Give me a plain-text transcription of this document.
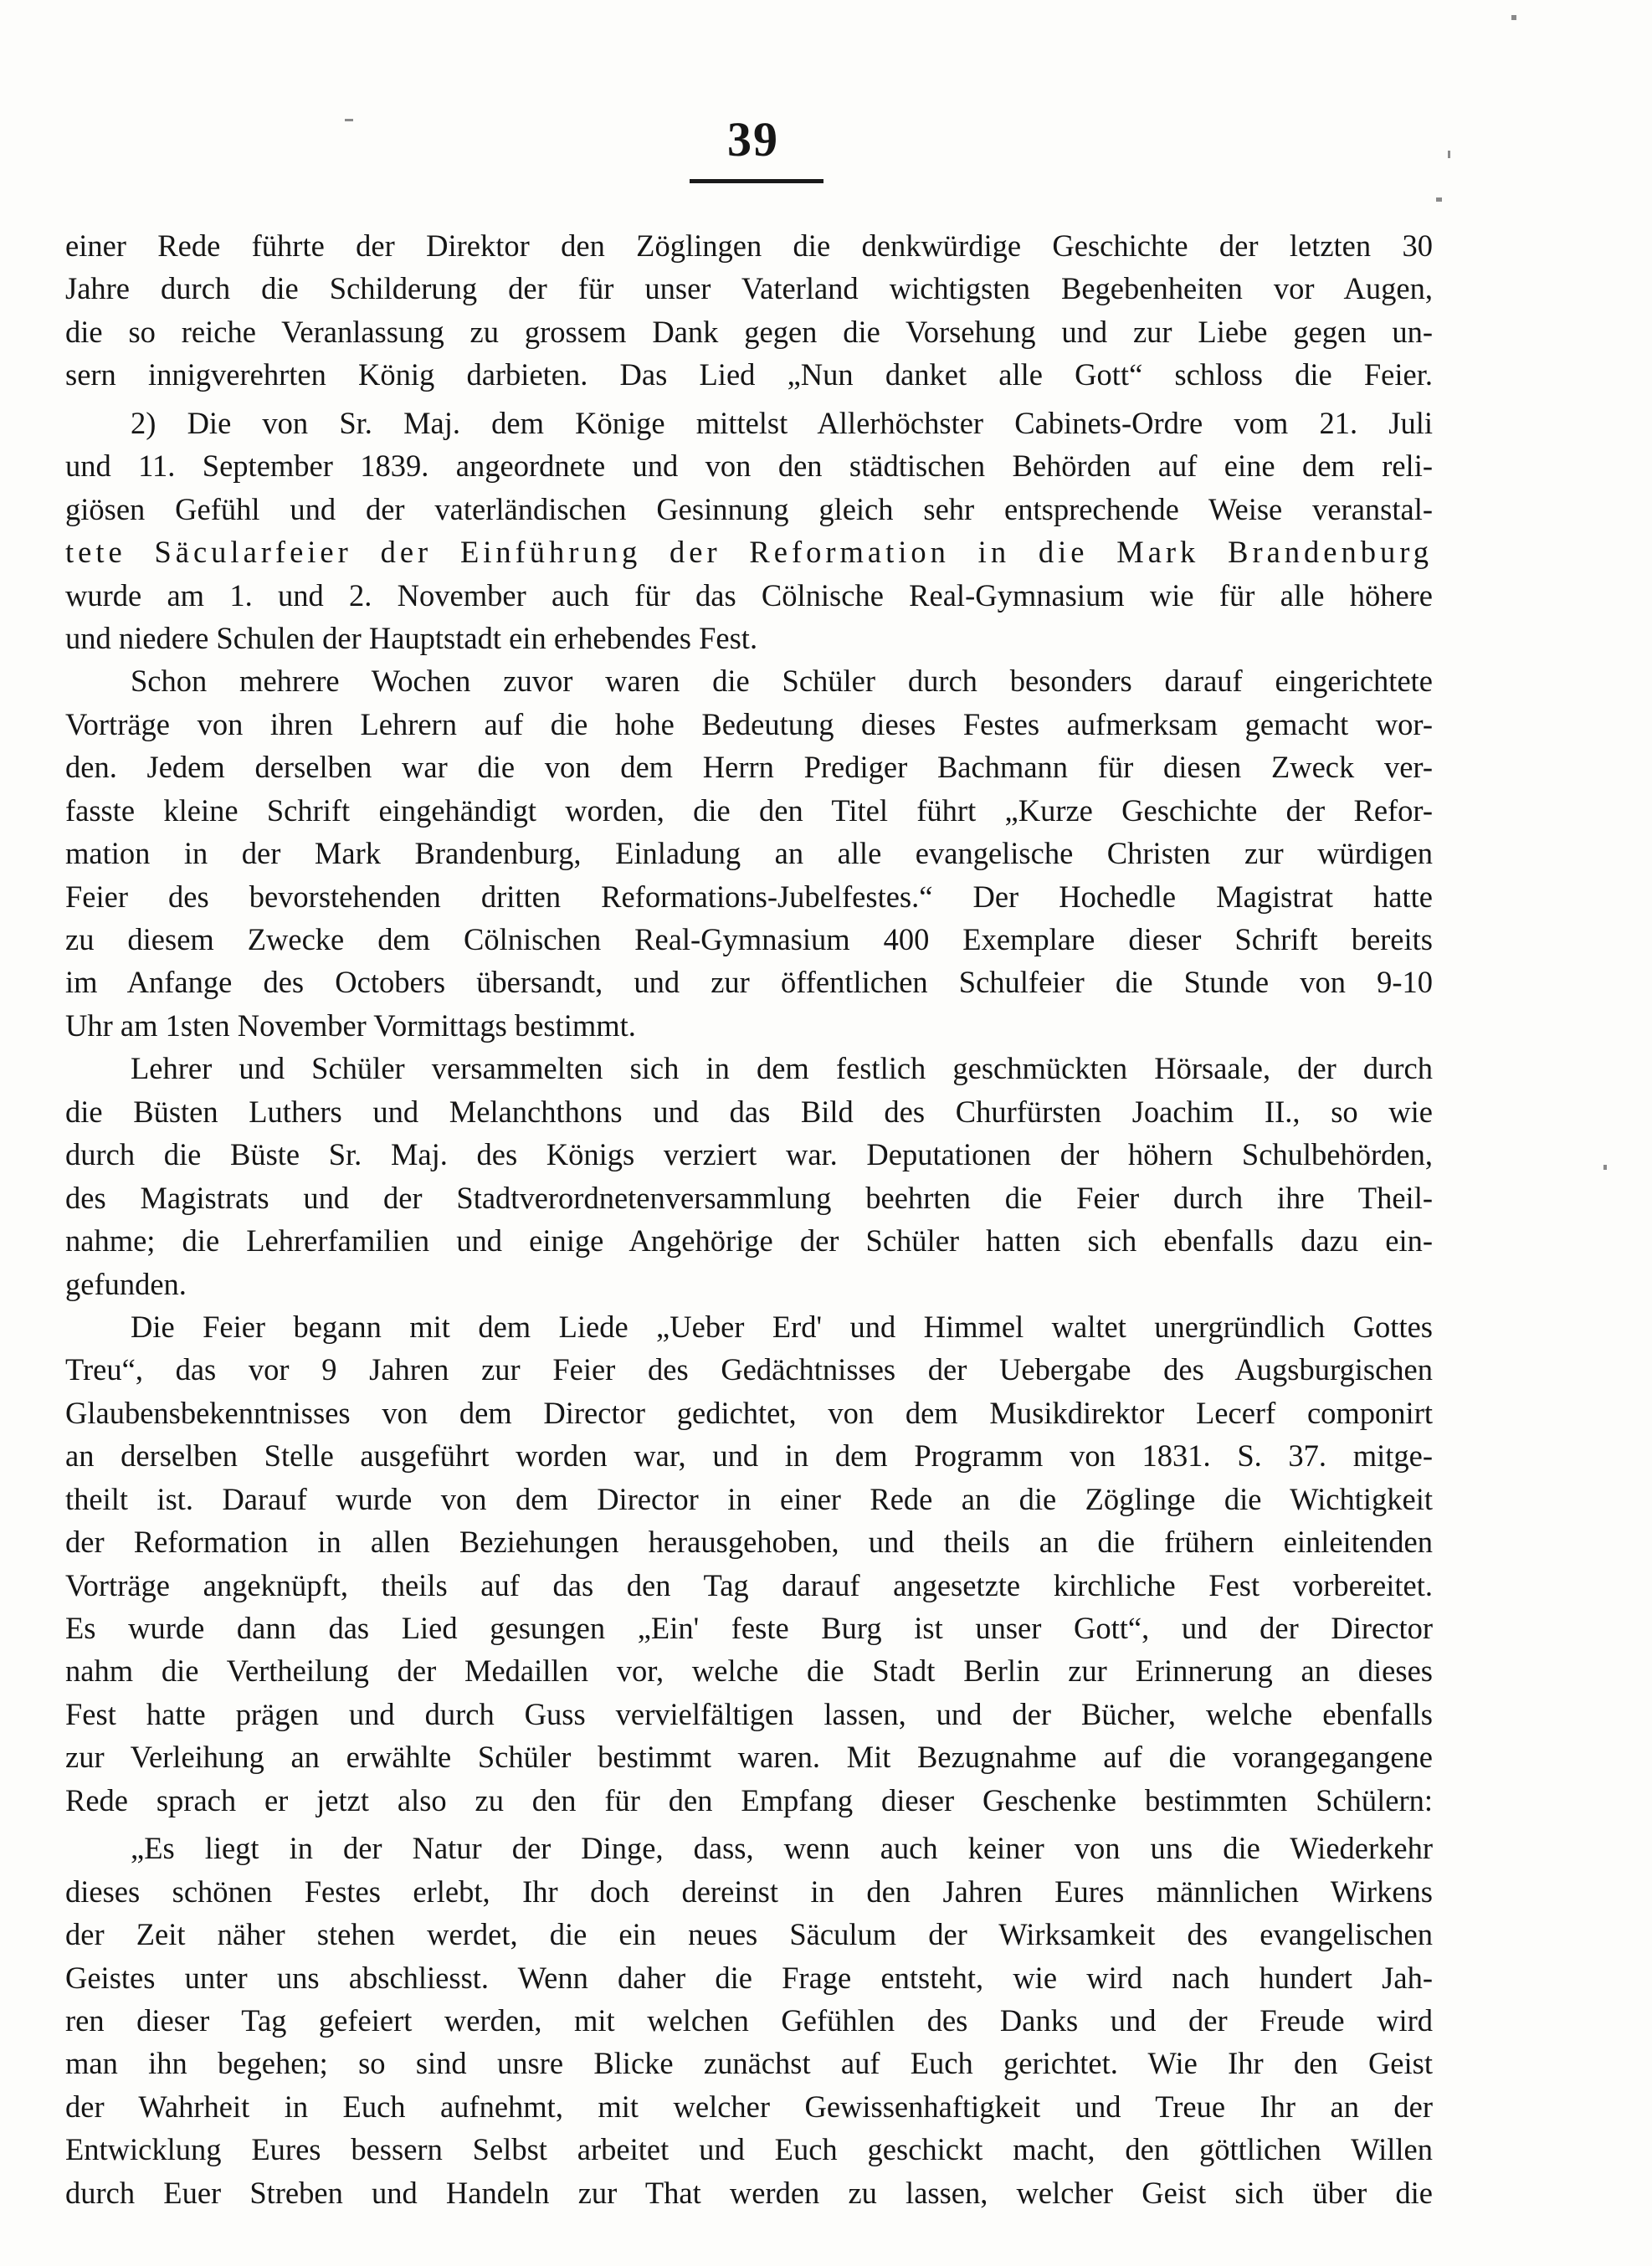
39
einer Rede führte der Direktor den Zöglingen die denkwürdige Geschichte der letzten 30
Jahre durch die Schilderung der für unser Vaterland wichtigsten Begebenheiten vor Augen,
die so reiche Veranlassung zu grossem Dank gegen die Vorsehung und zur Liebe gegen un-
sern innigverehrten König darbieten. Das Lied „Nun danket alle Gott“ schloss die Feier.
2) Die von Sr. Maj. dem Könige mittelst Allerhöchster Cabinets-Ordre vom 21. Juli
und 11. September 1839. angeordnete und von den städtischen Behörden auf eine dem reli-
giösen Gefühl und der vaterländischen Gesinnung gleich sehr entsprechende Weise veranstal-
tete Säcularfeier der Einführung der Reformation in die Mark Brandenburg
wurde am 1. und 2. November auch für das Cölnische Real-Gymnasium wie für alle höhere
und niedere Schulen der Hauptstadt ein erhebendes Fest.
Schon mehrere Wochen zuvor waren die Schüler durch besonders darauf eingerichtete
Vorträge von ihren Lehrern auf die hohe Bedeutung dieses Festes aufmerksam gemacht wor-
den. Jedem derselben war die von dem Herrn Prediger Bachmann für diesen Zweck ver-
fasste kleine Schrift eingehändigt worden, die den Titel führt „Kurze Geschichte der Refor-
mation in der Mark Brandenburg, Einladung an alle evangelische Christen zur würdigen
Feier des bevorstehenden dritten Reformations-Jubelfestes.“ Der Hochedle Magistrat hatte
zu diesem Zwecke dem Cölnischen Real-Gymnasium 400 Exemplare dieser Schrift bereits
im Anfange des Octobers übersandt, und zur öffentlichen Schulfeier die Stunde von 9-10
Uhr am 1sten November Vormittags bestimmt.
Lehrer und Schüler versammelten sich in dem festlich geschmückten Hörsaale, der durch
die Büsten Luthers und Melanchthons und das Bild des Churfürsten Joachim II., so wie
durch die Büste Sr. Maj. des Königs verziert war. Deputationen der höhern Schulbehörden,
des Magistrats und der Stadtverordnetenversammlung beehrten die Feier durch ihre Theil-
nahme; die Lehrerfamilien und einige Angehörige der Schüler hatten sich ebenfalls dazu ein-
gefunden.
Die Feier begann mit dem Liede „Ueber Erd' und Himmel waltet unergründlich Gottes
Treu“, das vor 9 Jahren zur Feier des Gedächtnisses der Uebergabe des Augsburgischen
Glaubensbekenntnisses von dem Director gedichtet, von dem Musikdirektor Lecerf componirt
an derselben Stelle ausgeführt worden war, und in dem Programm von 1831. S. 37. mitge-
theilt ist. Darauf wurde von dem Director in einer Rede an die Zöglinge die Wichtigkeit
der Reformation in allen Beziehungen herausgehoben, und theils an die frühern einleitenden
Vorträge angeknüpft, theils auf das den Tag darauf angesetzte kirchliche Fest vorbereitet.
Es wurde dann das Lied gesungen „Ein' feste Burg ist unser Gott“, und der Director
nahm die Vertheilung der Medaillen vor, welche die Stadt Berlin zur Erinnerung an dieses
Fest hatte prägen und durch Guss vervielfältigen lassen, und der Bücher, welche ebenfalls
zur Verleihung an erwählte Schüler bestimmt waren. Mit Bezugnahme auf die vorangegangene
Rede sprach er jetzt also zu den für den Empfang dieser Geschenke bestimmten Schülern:
„Es liegt in der Natur der Dinge, dass, wenn auch keiner von uns die Wiederkehr
dieses schönen Festes erlebt, Ihr doch dereinst in den Jahren Eures männlichen Wirkens
der Zeit näher stehen werdet, die ein neues Säculum der Wirksamkeit des evangelischen
Geistes unter uns abschliesst. Wenn daher die Frage entsteht, wie wird nach hundert Jah-
ren dieser Tag gefeiert werden, mit welchen Gefühlen des Danks und der Freude wird
man ihn begehen; so sind unsre Blicke zunächst auf Euch gerichtet. Wie Ihr den Geist
der Wahrheit in Euch aufnehmt, mit welcher Gewissenhaftigkeit und Treue Ihr an der
Entwicklung Eures bessern Selbst arbeitet und Euch geschickt macht, den göttlichen Willen
durch Euer Streben und Handeln zur That werden zu lassen, welcher Geist sich über die
